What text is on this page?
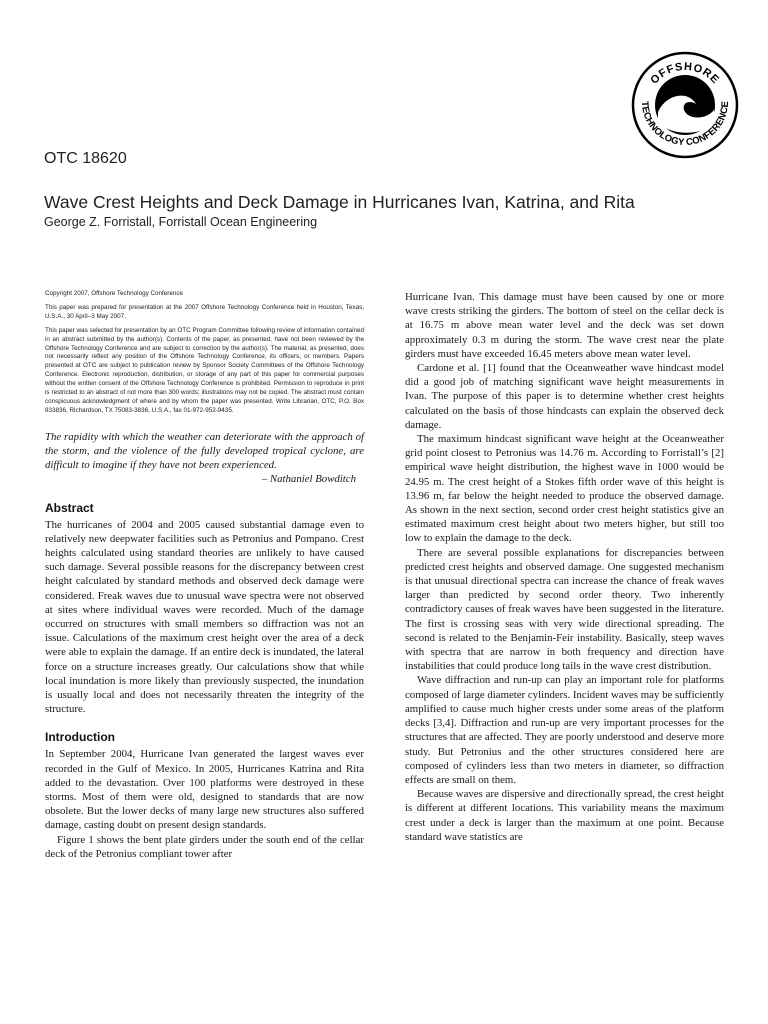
OFFSHORE
TECHNOLOGY CONFERENCE
OTC 18620
Wave Crest Heights and Deck Damage in Hurricanes Ivan, Katrina, and Rita
George Z. Forristall, Forristall Ocean Engineering

Copyright 2007, Offshore Technology Conference

This paper was prepared for presentation at the 2007 Offshore Technology Conference held in Houston, Texas, U.S.A., 30 April–3 May 2007.

This paper was selected for presentation by an OTC Program Committee following review of information contained in an abstract submitted by the author(s). Contents of the paper, as presented, have not been reviewed by the Offshore Technology Conference and are subject to correction by the author(s). The material, as presented, does not necessarily reflect any position of the Offshore Technology Conference, its officers, or members. Papers presented at OTC are subject to publication review by Sponsor Society Committees of the Offshore Technology Conference. Electronic reproduction, distribution, or storage of any part of this paper for commercial purposes without the written consent of the Offshore Technology Conference is prohibited. Permission to reproduce in print is restricted to an abstract of not more than 300 words; illustrations may not be copied. The abstract must contain conspicuous acknowledgment of where and by whom the paper was presented. Write Librarian, OTC, P.O. Box 833836, Richardson, TX 75083-3836, U.S.A., fax 01-972-952-9435.

The rapidity with which the weather can deteriorate with the approach of the storm, and the violence of the fully developed tropical cyclone, are difficult to imagine if they have not been experienced.

– Nathaniel Bowditch

Abstract

The hurricanes of 2004 and 2005 caused substantial damage even to relatively new deepwater facilities such as Petronius and Pompano. Crest heights calculated using standard theories are unlikely to have caused such damage. Several possible reasons for the discrepancy between crest height calculated by standard methods and observed deck damage were considered. Freak waves due to unusual wave spectra were not observed at sites where individual waves were recorded. Much of the damage occurred on structures with small members so diffraction was not an issue. Calculations of the maximum crest height over the area of a deck were able to explain the damage. If an entire deck is inundated, the lateral force on a structure increases greatly. Our calculations show that while local inundation is more likely than previously suspected, the inundation is usually local and does not necessarily threaten the integrity of the structure.

Introduction

In September 2004, Hurricane Ivan generated the largest waves ever recorded in the Gulf of Mexico. In 2005, Hurricanes Katrina and Rita added to the devastation. Over 100 platforms were destroyed in these storms. Most of them were old, designed to standards that are now obsolete. But the lower decks of many large new structures also suffered damage, casting doubt on present design standards.

Figure 1 shows the bent plate girders under the south end of the cellar deck of the Petronius compliant tower after

Hurricane Ivan. This damage must have been caused by one or more wave crests striking the girders. The bottom of steel on the cellar deck is at 16.75 m above mean water level and the deck was set down approximately 0.3 m during the storm. The wave crest near the plate girders must have exceeded 16.45 meters above mean water level.

Cardone et al. [1] found that the Oceanweather wave hindcast model did a good job of matching significant wave height measurements in Ivan. The purpose of this paper is to determine whether crest heights calculated on the basis of those hindcasts can explain the observed deck damage.

The maximum hindcast significant wave height at the Oceanweather grid point closest to Petronius was 14.76 m. According to Forristall’s [2] empirical wave height distribution, the highest wave in 1000 would be 24.95 m. The crest height of a Stokes fifth order wave of this height is 13.96 m, far below the height needed to produce the observed damage. As shown in the next section, second order crest height statistics give an estimated maximum crest height about two meters higher, but still too low to explain the damage to the deck.

There are several possible explanations for discrepancies between predicted crest heights and observed damage. One suggested mechanism is that unusual directional spectra can increase the chance of freak waves larger than predicted by second order theory. Two inherently contradictory causes of freak waves have been suggested in the literature. The first is crossing seas with very wide directional spreading. The second is related to the Benjamin-Feir instability. Basically, steep waves with spectra that are narrow in both frequency and direction have instabilities that could produce long tails in the wave crest distribution.

Wave diffraction and run-up can play an important role for platforms composed of large diameter cylinders. Incident waves may be sufficiently amplified to cause much higher crests under some areas of the platform decks [3,4]. Diffraction and run-up are very important processes for the structures that are affected. They are poorly understood and deserve more study. But Petronius and the other structures considered here are composed of cylinders less than two meters in diameter, so diffraction effects are small on them.

Because waves are dispersive and directionally spread, the crest height is different at different locations. This variability means the maximum crest under a deck is larger than the maximum at one point. Because standard wave statistics are
